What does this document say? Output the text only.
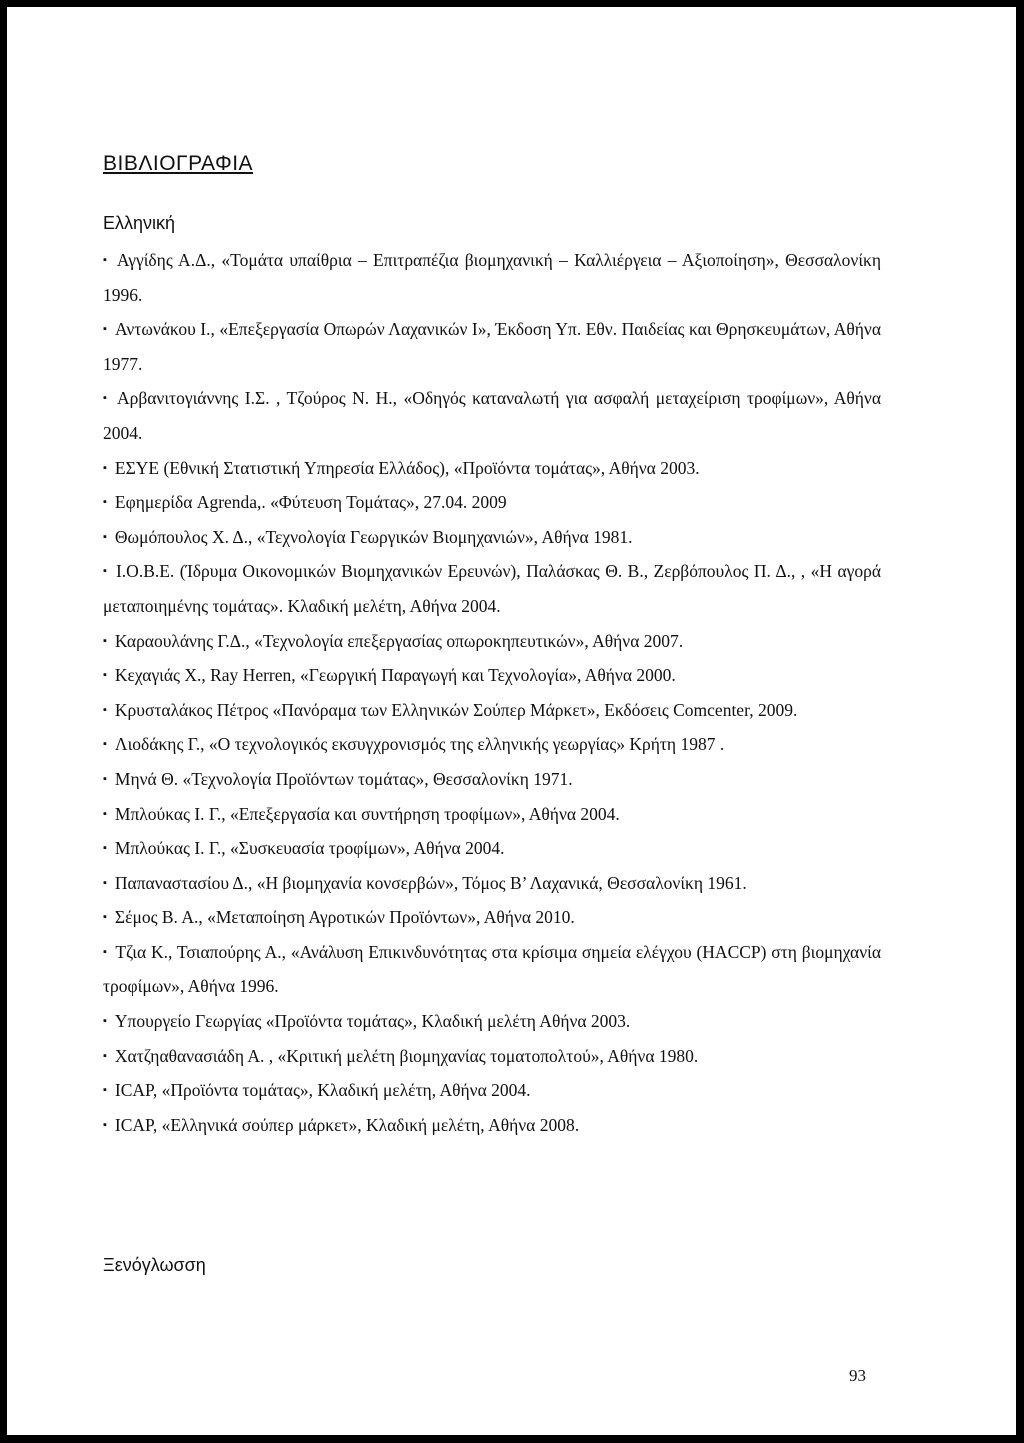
ΒΙΒΛΙΟΓΡΑΦΙΑ
Ελληνική
▪ Αγγίδης Α.Δ., «Τομάτα υπαίθρια – Επιτραπέζια βιομηχανική – Καλλιέργεια – Αξιοποίηση», Θεσσαλονίκη 1996.
▪ Αντωνάκου Ι., «Επεξεργασία Οπωρών Λαχανικών Ι», Έκδοση Υπ. Εθν. Παιδείας και Θρησκευμάτων, Αθήνα 1977.
▪ Αρβανιτογιάννης Ι.Σ. , Τζούρος Ν. Η., «Οδηγός καταναλωτή για ασφαλή μεταχείριση τροφίμων», Αθήνα 2004.
▪ ΕΣΥΕ (Εθνική Στατιστική Υπηρεσία Ελλάδος), «Προϊόντα τομάτας», Αθήνα 2003.
▪ Εφημερίδα Agrenda,. «Φύτευση Τομάτας», 27.04. 2009
▪ Θωμόπουλος Χ. Δ., «Τεχνολογία Γεωργικών Βιομηχανιών», Αθήνα 1981.
▪ Ι.Ο.Β.Ε. (Ίδρυμα Οικονομικών Βιομηχανικών Ερευνών), Παλάσκας Θ. Β., Ζερβόπουλος Π. Δ., , «Η αγορά μεταποιημένης τομάτας». Κλαδική μελέτη, Αθήνα 2004.
▪ Καραουλάνης Γ.Δ., «Τεχνολογία επεξεργασίας οπωροκηπευτικών», Αθήνα 2007.
▪ Κεχαγιάς Χ., Ray Herren, «Γεωργική Παραγωγή και Τεχνολογία», Αθήνα 2000.
▪ Κρυσταλάκος Πέτρος «Πανόραμα των Ελληνικών Σούπερ Μάρκετ», Εκδόσεις Comcenter, 2009.
▪ Λιοδάκης Γ., «Ο τεχνολογικός εκσυγχρονισμός της ελληνικής γεωργίας» Κρήτη 1987 .
▪ Μηνά Θ. «Τεχνολογία Προϊόντων τομάτας», Θεσσαλονίκη 1971.
▪ Μπλούκας Ι. Γ., «Επεξεργασία και συντήρηση τροφίμων», Αθήνα 2004.
▪ Μπλούκας Ι. Γ., «Συσκευασία τροφίμων», Αθήνα 2004.
▪ Παπαναστασίου Δ., «Η βιομηχανία κονσερβών», Τόμος Β’ Λαχανικά, Θεσσαλονίκη 1961.
▪ Σέμος Β. Α., «Μεταποίηση Αγροτικών Προϊόντων», Αθήνα 2010.
▪ Τζια Κ., Τσιαπούρης Α., «Ανάλυση Επικινδυνότητας στα κρίσιμα σημεία ελέγχου (HACCP) στη βιομηχανία τροφίμων», Αθήνα 1996.
▪ Υπουργείο Γεωργίας «Προϊόντα τομάτας», Κλαδική μελέτη Αθήνα 2003.
▪ Χατζηαθανασιάδη Α. , «Κριτική μελέτη βιομηχανίας τοματοπολτού», Αθήνα 1980.
▪ ICAP, «Προϊόντα τομάτας», Κλαδική μελέτη, Αθήνα 2004.
▪ ICAP, «Ελληνικά σούπερ μάρκετ», Κλαδική μελέτη, Αθήνα 2008.
Ξενόγλωσση
93
